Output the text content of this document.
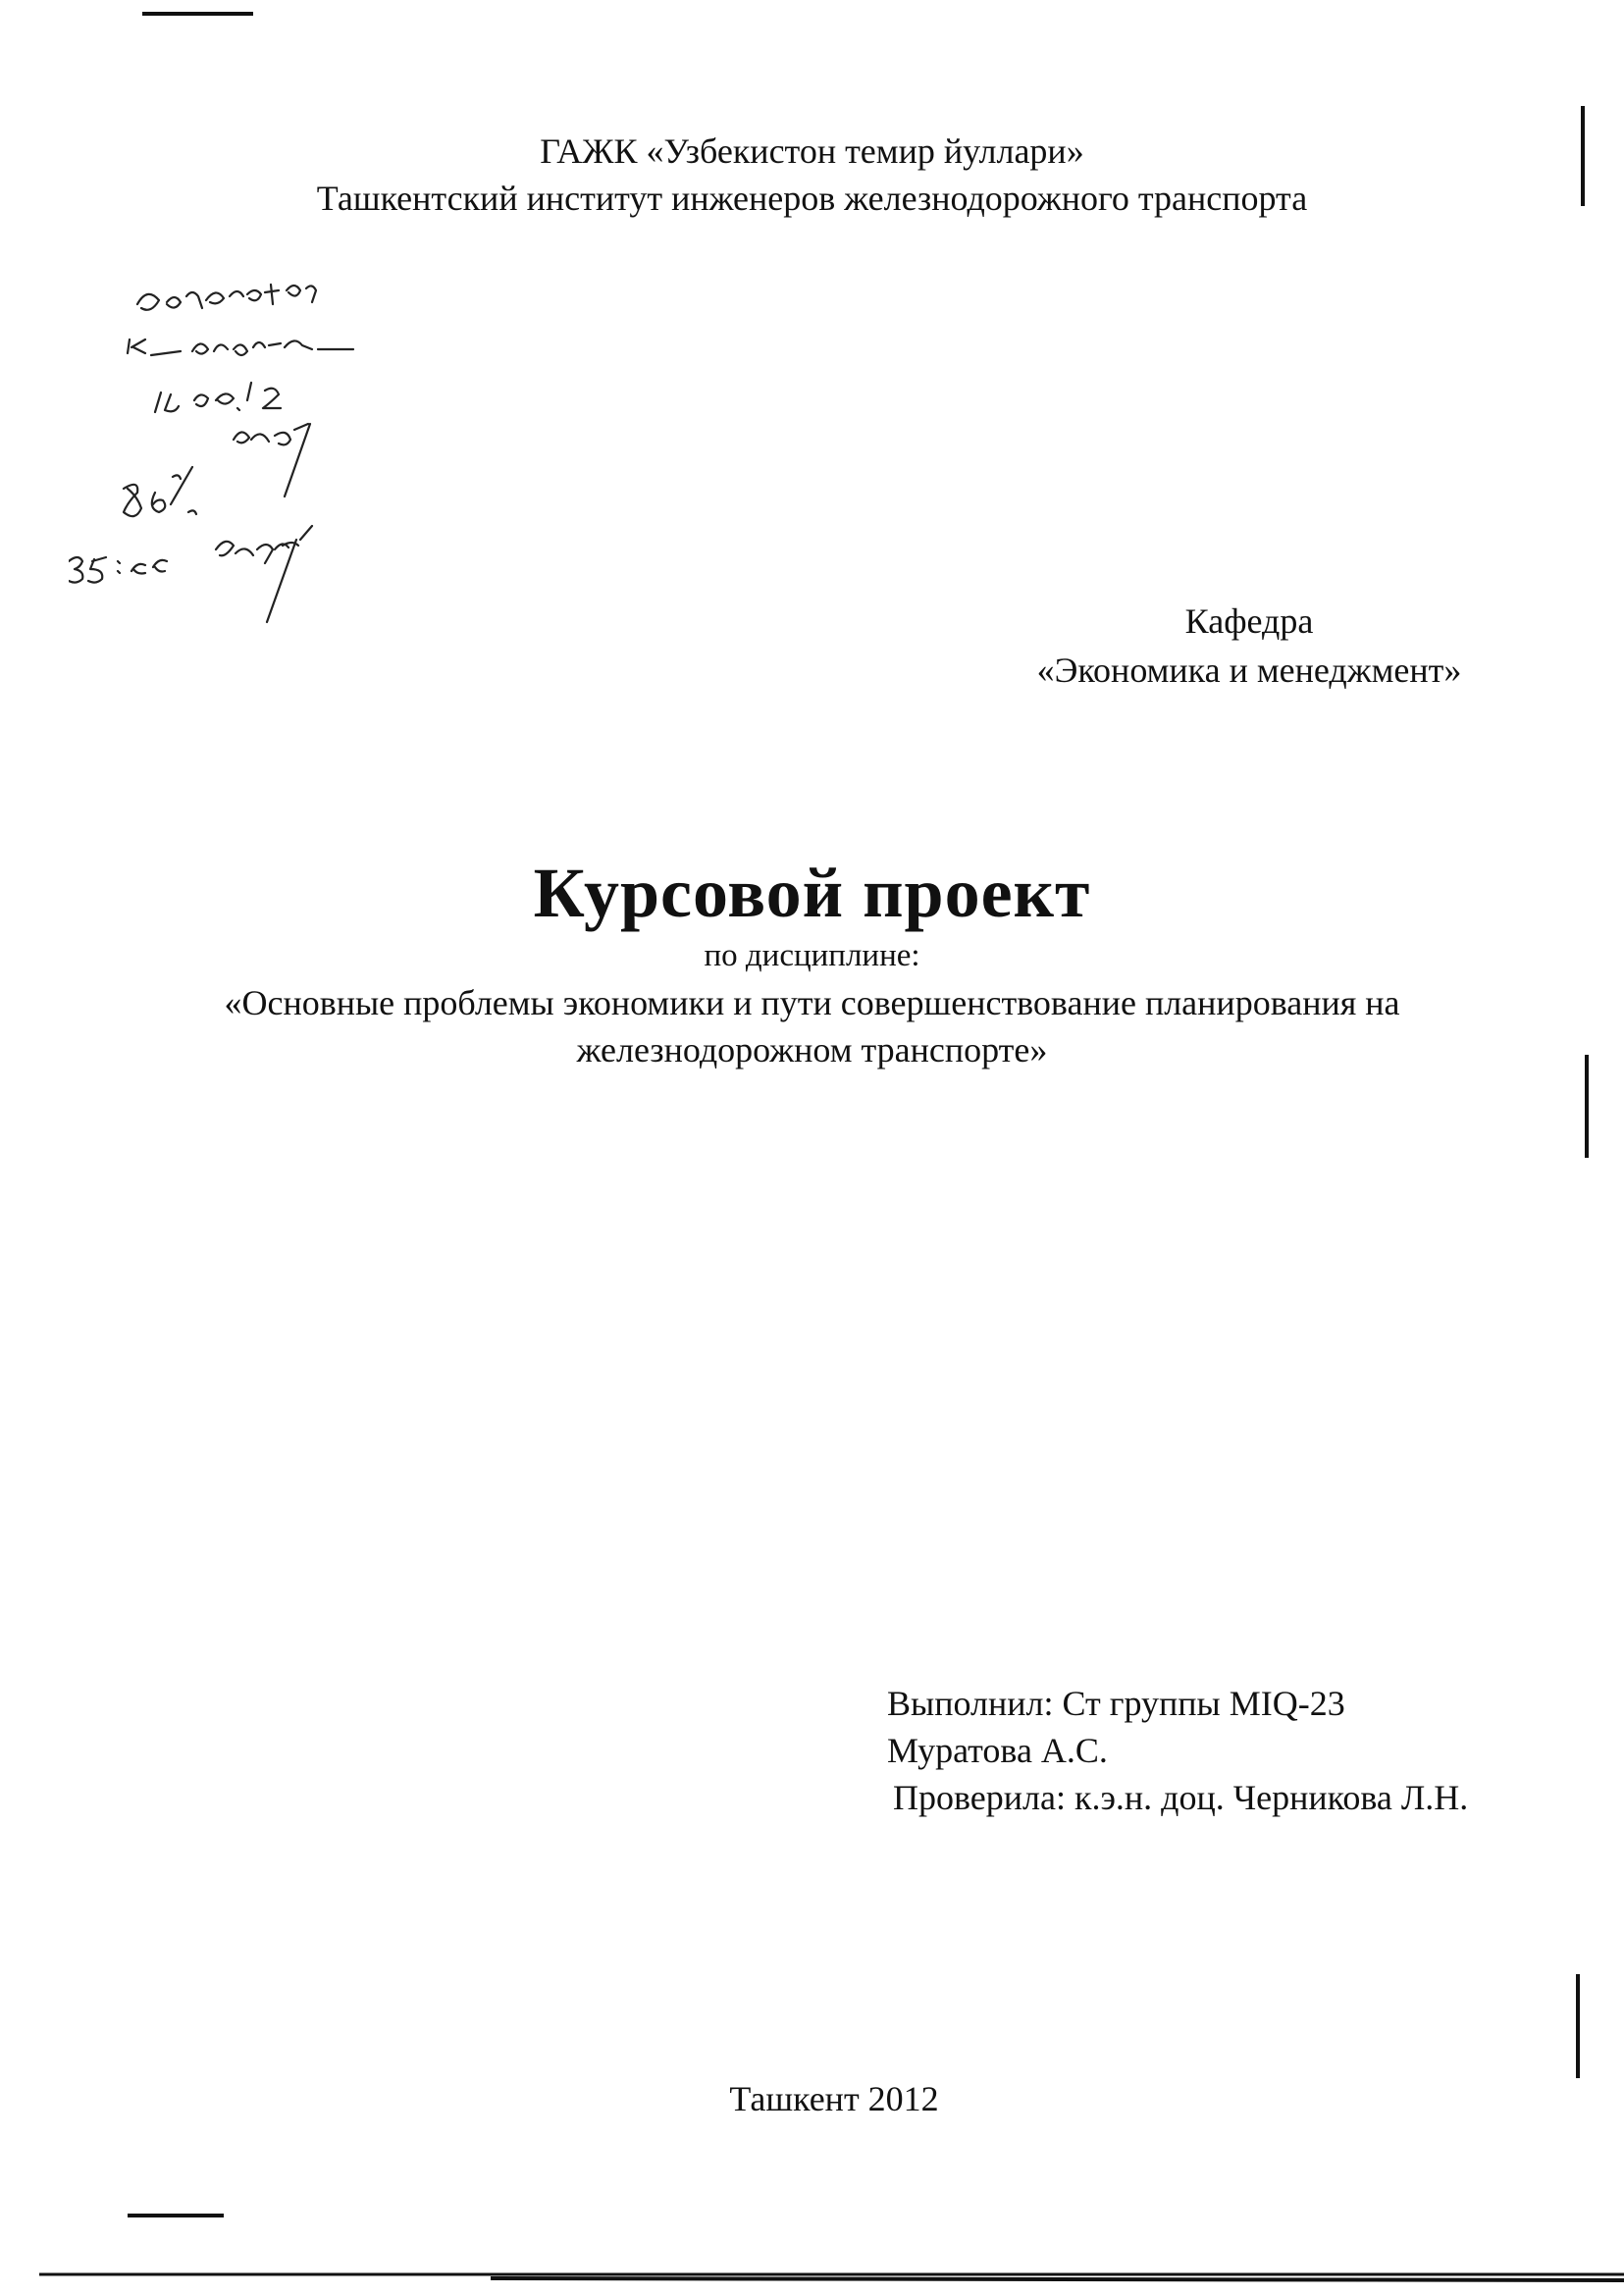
ГАЖК «Узбекистон темир йуллари»
Ташкентский институт инженеров железнодорожного транспорта
Кафедра
«Экономика и менеджмент»
Курсовой проект
по дисциплине:
«Основные проблемы экономики и пути совершенствование планирования на
железнодорожном транспорте»
Выполнил: Ст группы MIQ-23
Муратова А.С.
Проверила: к.э.н. доц. Черникова Л.Н.
Ташкент 2012
